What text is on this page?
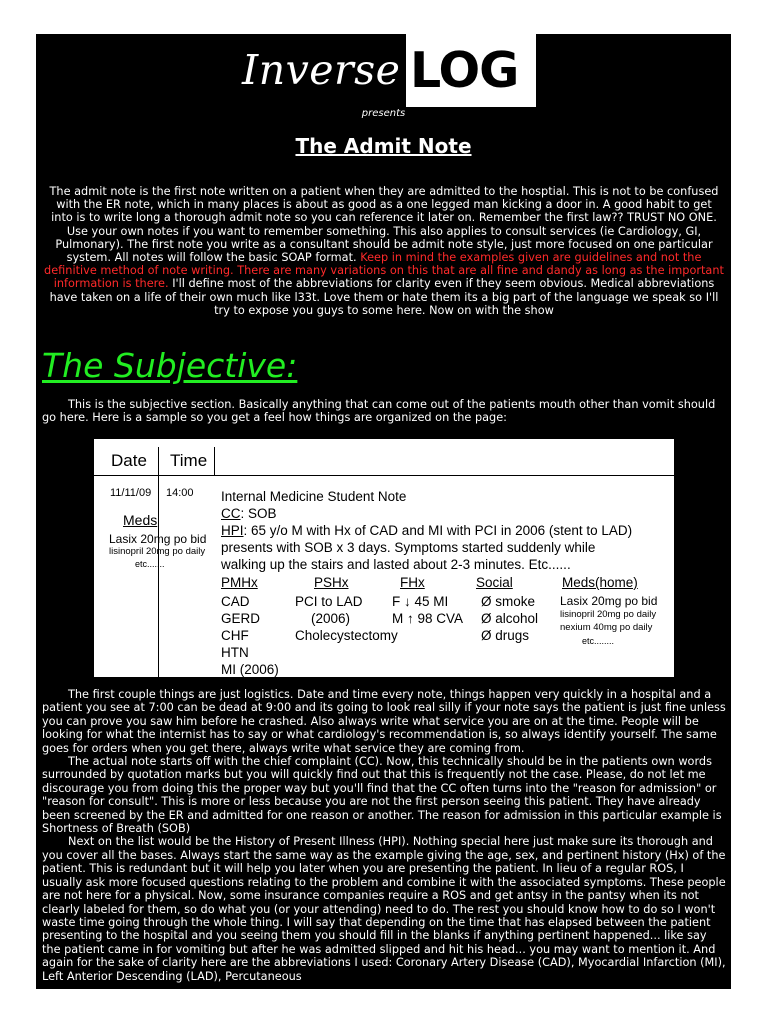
Inverse LOG
presents
The Admit Note

The admit note is the first note written on a patient when they are admitted to the hosptial. This is not to be confused with the ER note, which in many places is about as good as a one legged man kicking a door in. A good habit to get into is to write long a thorough admit note so you can reference it later on. Remember the first law?? TRUST NO ONE. Use your own notes if you want to remember something. This also applies to consult services (ie Cardiology, GI, Pulmonary). The first note you write as a consultant should be admit note style, just more focused on one particular system. All notes will follow the basic SOAP format. Keep in mind the examples given are guidelines and not the definitive method of note writing. There are many variations on this that are all fine and dandy as long as the important information is there. I'll define most of the abbreviations for clarity even if they seem obvious. Medical abbreviations have taken on a life of their own much like l33t. Love them or hate them its a big part of the language we speak so I'll try to expose you guys to some here. Now on with the show

The Subjective:

This is the subjective section. Basically anything that can come out of the patients mouth other than vomit should go here. Here is a sample so you get a feel how things are organized on the page:

Date Time
11/11/09 14:00
Meds
Lasix 20mg po bid
lisinopril 20mg po daily
etc.......
Internal Medicine Student Note
CC: SOB
HPI: 65 y/o M with Hx of CAD and MI with PCI in 2006 (stent to LAD)
presents with SOB x 3 days. Symptoms started suddenly while
walking up the stairs and lasted about 2-3 minutes. Etc......
PMHx
CAD
GERD
CHF
HTN
MI (2006)
PSHx
PCI to LAD
(2006)
Cholecystectomy
FHx
F ↓ 45 MI
M ↑ 98 CVA
Social
Ø smoke
Ø alcohol
Ø drugs
Meds(home)
Lasix 20mg po bid
lisinopril 20mg po daily
nexium 40mg po daily
etc........

The first couple things are just logistics. Date and time every note, things happen very quickly in a hospital and a patient you see at 7:00 can be dead at 9:00 and its going to look real silly if your note says the patient is just fine unless you can prove you saw him before he crashed. Also always write what service you are on at the time. People will be looking for what the internist has to say or what cardiology's recommendation is, so always identify yourself. The same goes for orders when you get there, always write what service they are coming from.

The actual note starts off with the chief complaint (CC). Now, this technically should be in the patients own words surrounded by quotation marks but you will quickly find out that this is frequently not the case. Please, do not let me discourage you from doing this the proper way but you'll find that the CC often turns into the "reason for admission" or "reason for consult". This is more or less because you are not the first person seeing this patient. They have already been screened by the ER and admitted for one reason or another. The reason for admission in this particular example is Shortness of Breath (SOB)

Next on the list would be the History of Present Illness (HPI). Nothing special here just make sure its thorough and you cover all the bases. Always start the same way as the example giving the age, sex, and pertinent history (Hx) of the patient. This is redundant but it will help you later when you are presenting the patient. In lieu of a regular ROS, I usually ask more focused questions relating to the problem and combine it with the associated symptoms. These people are not here for a physical. Now, some insurance companies require a ROS and get antsy in the pantsy when its not clearly labeled for them, so do what you (or your attending) need to do. The rest you should know how to do so I won't waste time going through the whole thing. I will say that depending on the time that has elapsed between the patient presenting to the hospital and you seeing them you should fill in the blanks if anything pertinent happened... like say the patient came in for vomiting but after he was admitted slipped and hit his head... you may want to mention it. And again for the sake of clarity here are the abbreviations I used: Coronary Artery Disease (CAD), Myocardial Infarction (MI), Left Anterior Descending (LAD), Percutaneous
